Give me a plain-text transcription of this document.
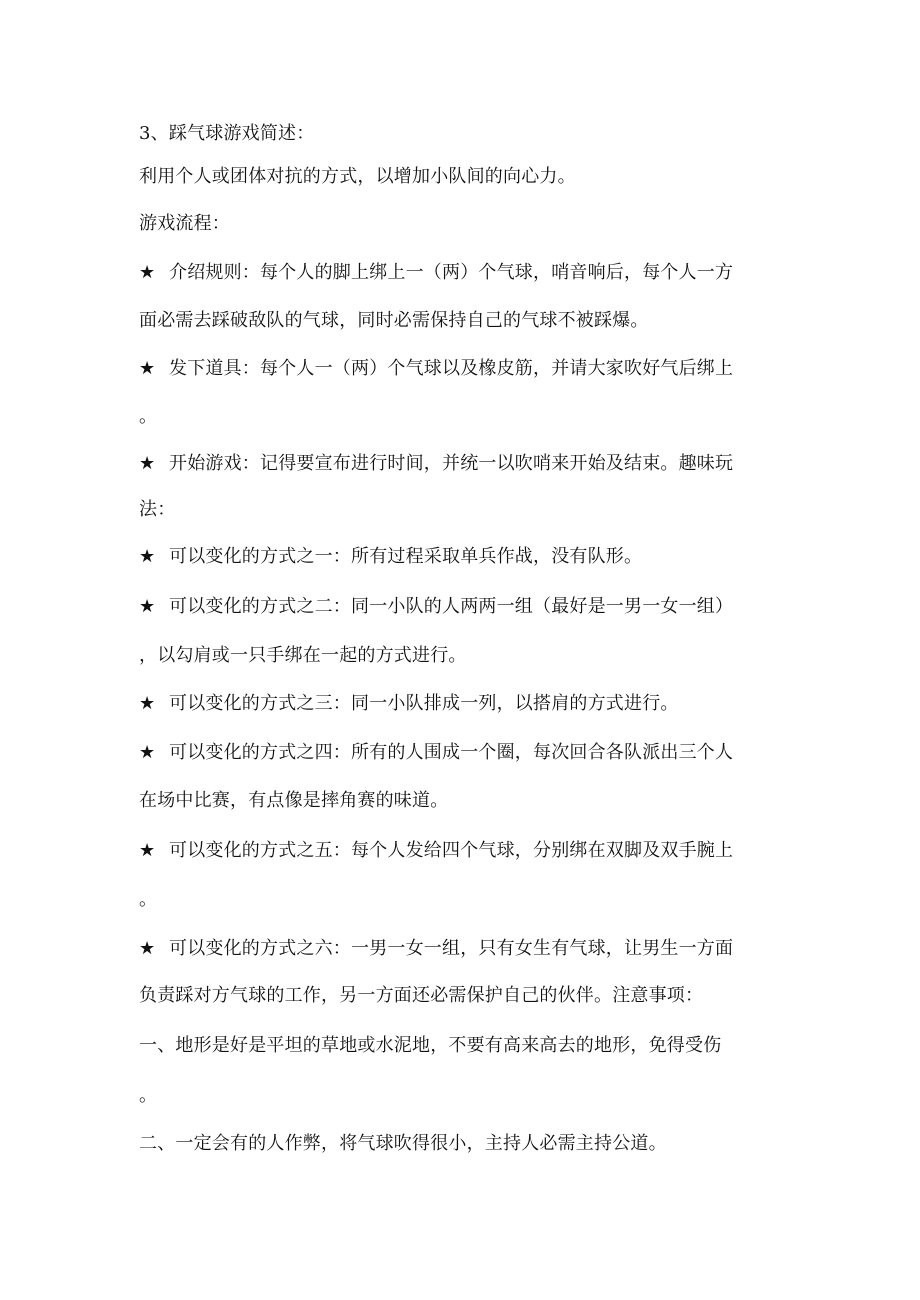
3、踩气球游戏简述：
利用个人或团体对抗的方式，以增加小队间的向心力。
游戏流程：
★ 介绍规则：每个人的脚上绑上一（两）个气球，哨音响后，每个人一方
面必需去踩破敌队的气球，同时必需保持自己的气球不被踩爆。
★ 发下道具：每个人一（两）个气球以及橡皮筋，并请大家吹好气后绑上
。
★ 开始游戏：记得要宣布进行时间，并统一以吹哨来开始及结束。趣味玩
法：
★ 可以变化的方式之一：所有过程采取单兵作战，没有队形。
★ 可以变化的方式之二：同一小队的人两两一组（最好是一男一女一组）
，以勾肩或一只手绑在一起的方式进行。
★ 可以变化的方式之三：同一小队排成一列，以搭肩的方式进行。
★ 可以变化的方式之四：所有的人围成一个圈，每次回合各队派出三个人
在场中比赛，有点像是摔角赛的味道。
★ 可以变化的方式之五：每个人发给四个气球，分别绑在双脚及双手腕上
。
★ 可以变化的方式之六：一男一女一组，只有女生有气球，让男生一方面
负责踩对方气球的工作，另一方面还必需保护自己的伙伴。注意事项：
一、地形是好是平坦的草地或水泥地，不要有高来高去的地形，免得受伤
。
二、一定会有的人作弊，将气球吹得很小，主持人必需主持公道。
